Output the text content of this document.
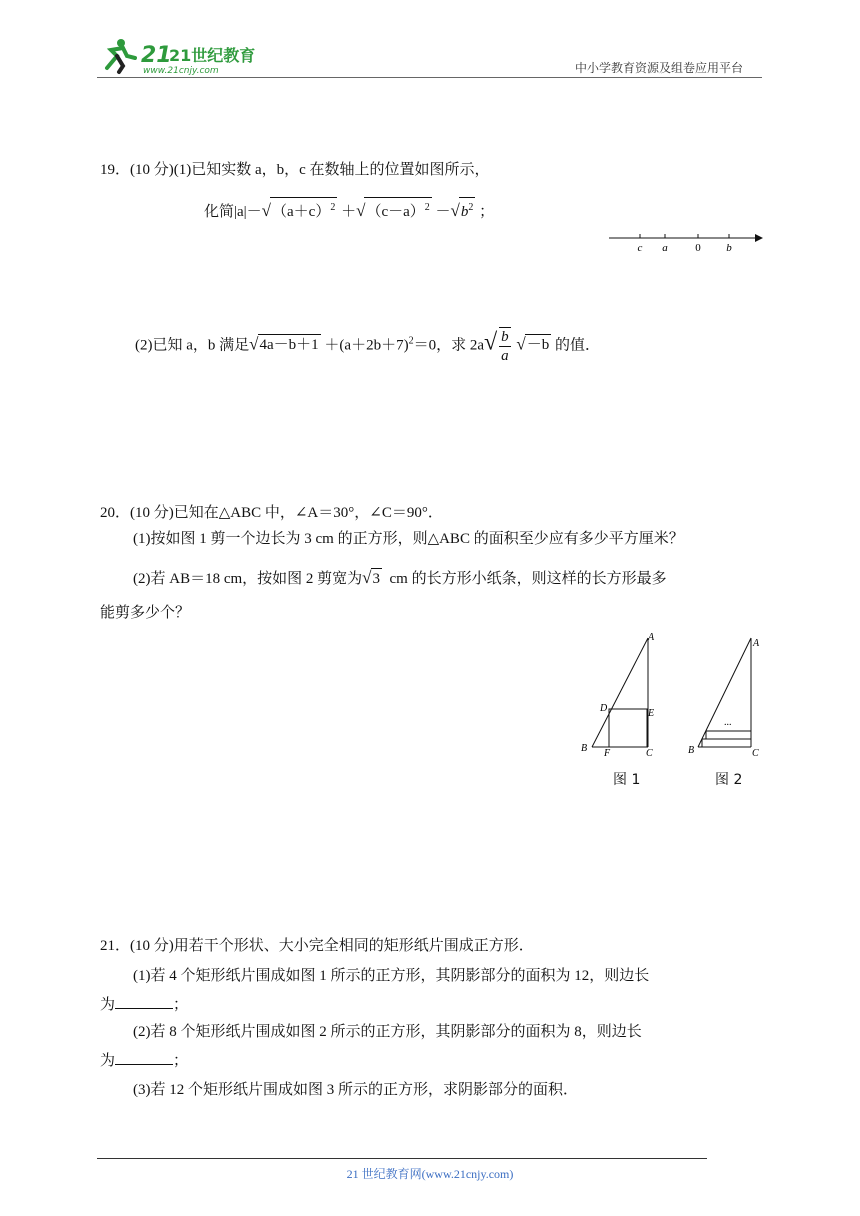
21
21世纪教育
www.21cnjy.com	中小学教育资源及组卷应用平台
19．(10 分)(1)已知实数 a，b，c 在数轴上的位置如图所示，
化简$|a|-√(a+c)^2 +√(c-a)^2 -√b^2$ ；
c a	0 b
(2)已知 a，b 满足$√4a-b+1 +(a+2b+7)^2=0$，求 $2a√ \frac{b}{a} √-b$ 的值．
20．(10 分)已知在△ABC 中，∠A＝30°，∠C＝90°．
(1)按如图 1 剪一个边长为 3 cm 的正方形，则△ABC 的面积至少应有多少平方厘米？
(2)若 AB＝18 cm，按如图 2 剪宽为√3 cm 的长方形小纸条，则这样的长方形最多
能剪多少个？
A
D	E
B F	C
图 1
...
A
B	C
图 2
21．(10 分)用若干个形状、大小完全相同的矩形纸片围成正方形．
(1)若 4 个矩形纸片围成如图 1 所示的正方形，其阴影部分的面积为 12，则边长
为	；
(2)若 8 个矩形纸片围成如图 2 所示的正方形，其阴影部分的面积为 8，则边长
为	；
(3)若 12 个矩形纸片围成如图 3 所示的正方形，求阴影部分的面积．
21 世纪教育网(www.21cnjy.com)
